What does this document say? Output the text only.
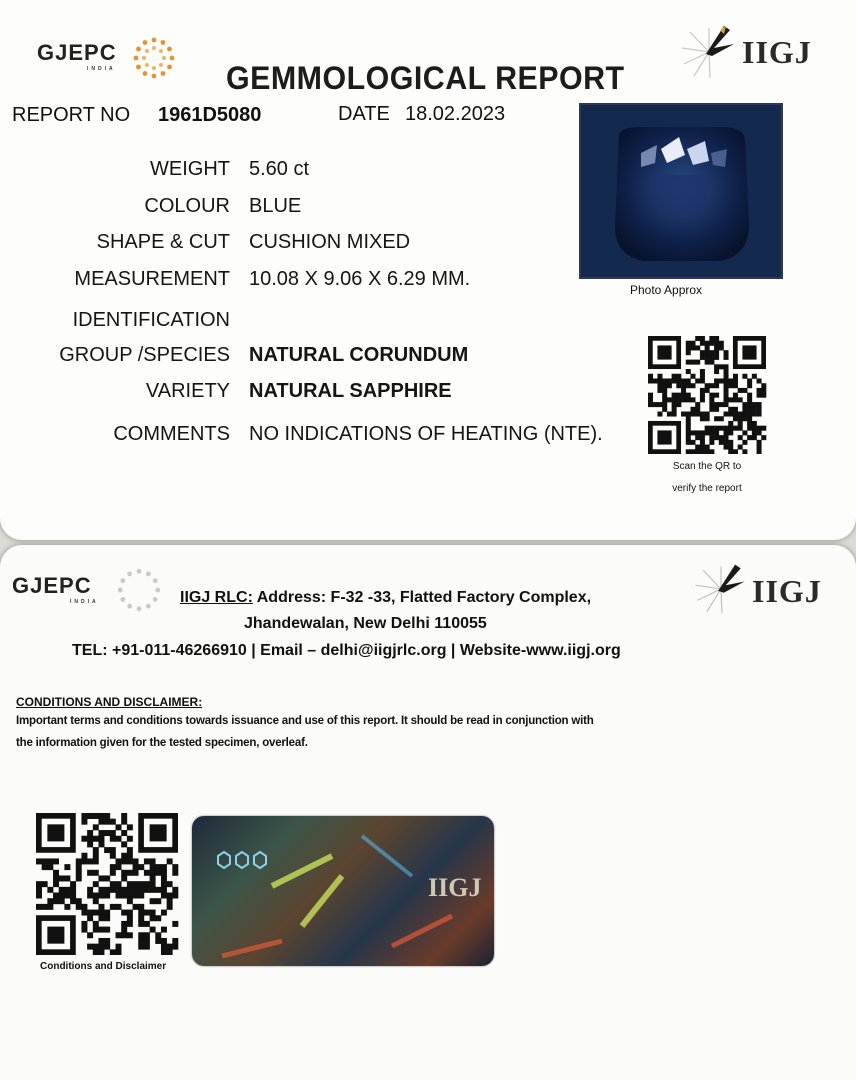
GJEPC
INDIA	IIGJ
GEMMOLOGICAL REPORT
REPORT NO 1961D5080	DATE 18.02.2023
WEIGHT 5.60 ct
COLOUR BLUE
SHAPE & CUT CUSHION MIXED
MEASUREMENT 10.08 X 9.06 X 6.29 MM.
IDENTIFICATION
GROUP /SPECIES NATURAL CORUNDUM
VARIETY NATURAL SAPPHIRE
COMMENTS NO INDICATIONS OF HEATING (NTE).
Photo Approx
Scan the QR to
verify the report
GJEPC
INDIA	IIGJ
IIGJ RLC: Address: F-32 -33, Flatted Factory Complex,
Jhandewalan, New Delhi 110055
TEL: +91-011-46266910 | Email – delhi@iigjrlc.org | Website-www.iigj.org
CONDITIONS AND DISCLAIMER:
Important terms and conditions towards issuance and use of this report. It should be read in conjunction with
the information given for the tested specimen, overleaf.
Conditions and Disclaimer
IIGJ
